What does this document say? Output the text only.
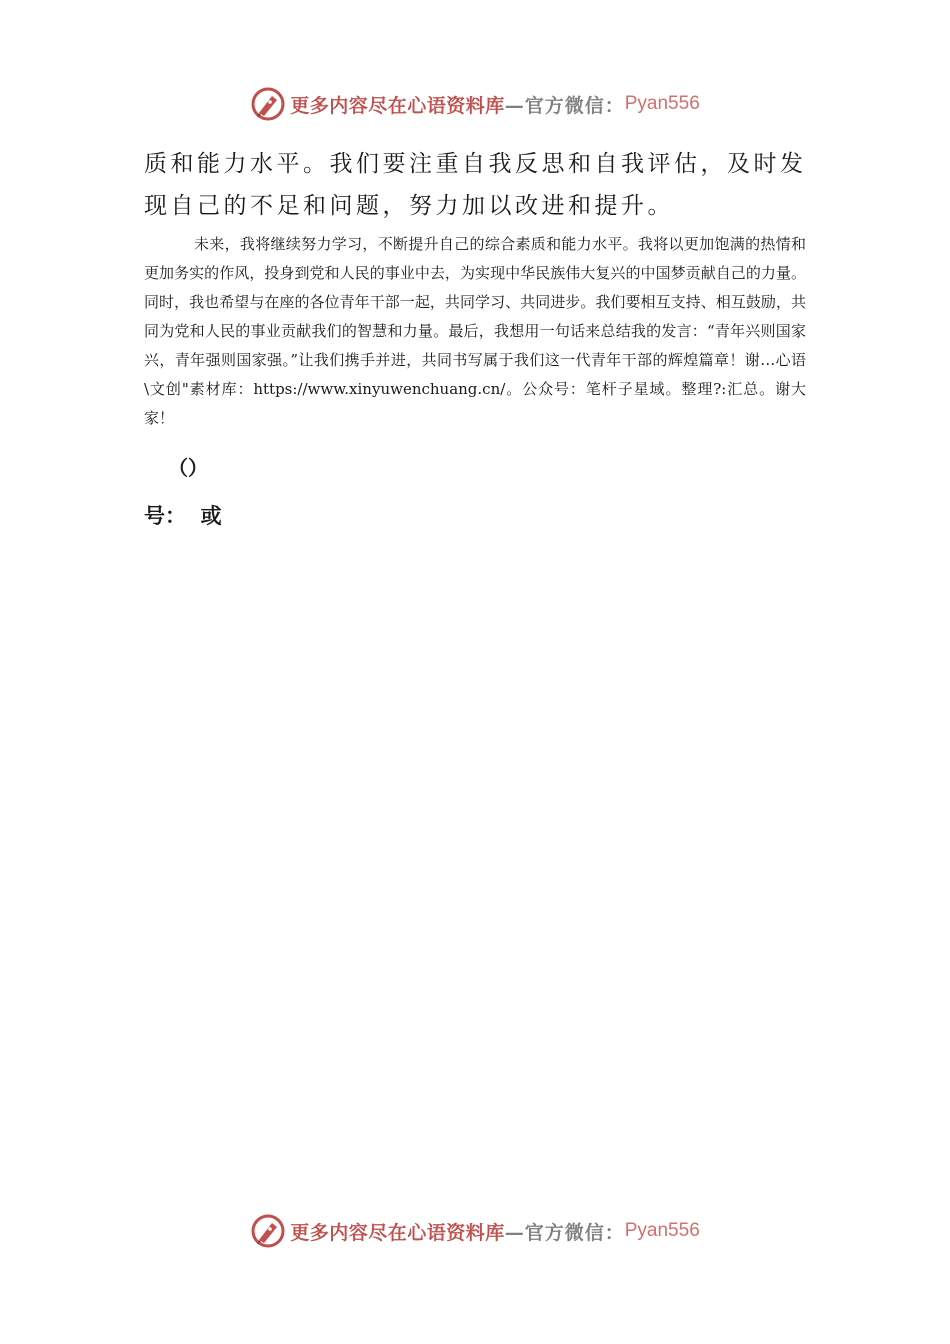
更多内容尽在心语资料库 —官方微信： Pyan556
质和能力水平。我们要注重自我反思和自我评估，及时发
现自己的不足和问题，努力加以改进和提升。

未来，我将继续努力学习，不断提升自己的综合素质和能力水平。我将以更加饱满的热情和更加务实的作风，投身到党和人民的事业中去，为实现中华民族伟大复兴的中国梦贡献自己的力量。同时，我也希望与在座的各位青年干部一起，共同学习、共同进步。我们要相互支持、相互鼓励，共同为党和人民的事业贡献我们的智慧和力量。最后，我想用一句话来总结我的发言：“青年兴则国家兴，青年强则国家强。”让我们携手并进，共同书写属于我们这一代青年干部的辉煌篇章！谢…心语\文创"素材库：https://www.xinyuwenchuang.cn/。公众号：笔杆子星域。整理?:汇总。谢大家！

（）
号：  或
更多内容尽在心语资料库 —官方微信： Pyan556
